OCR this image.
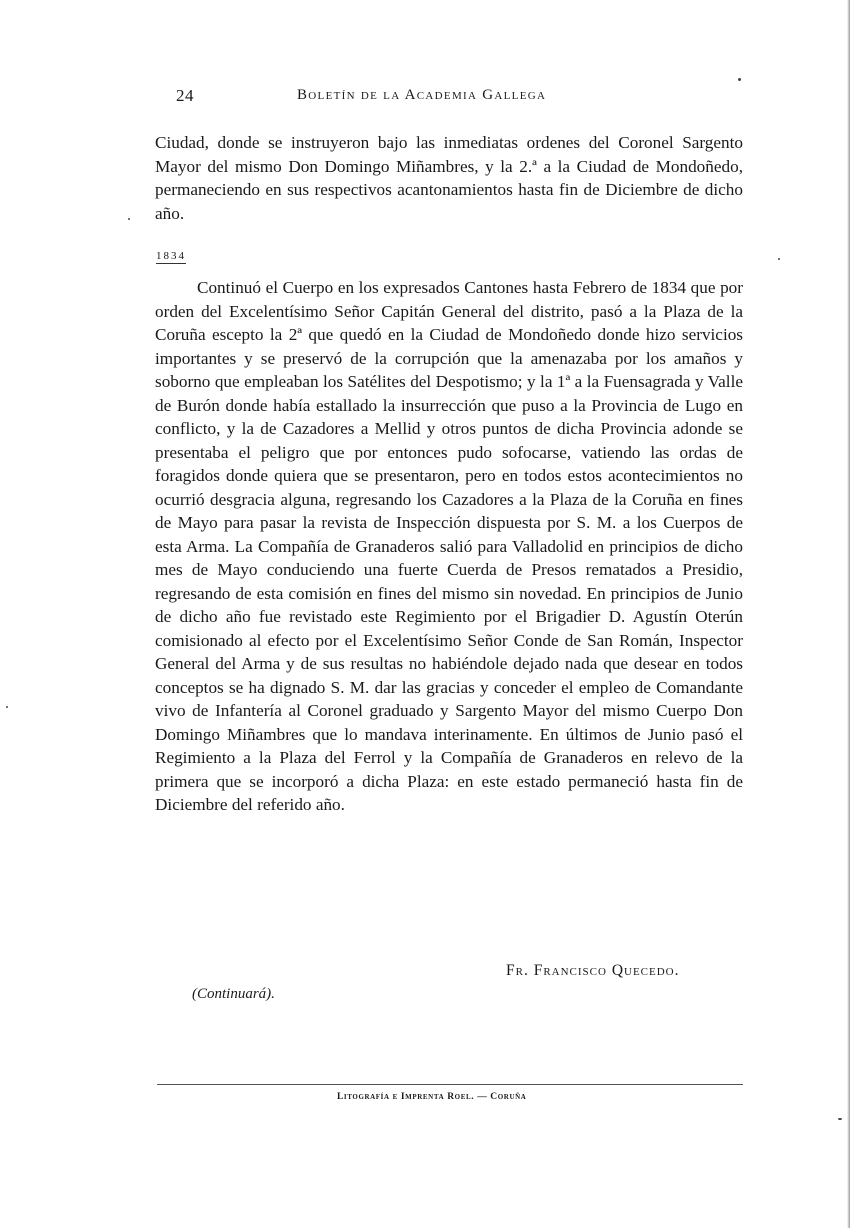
24	Boletín de la Academia Gallega

Ciudad, donde se instruyeron bajo las inmediatas ordenes del Coronel Sargento Mayor del mismo Don Domingo Miñambres, y la 2.ª a la Ciudad de Mondoñedo, permaneciendo en sus respectivos acantonamientos hasta fin de Diciembre de dicho año.

1834

Continuó el Cuerpo en los expresados Cantones hasta Febrero de 1834 que por orden del Excelentísimo Señor Capitán General del distrito, pasó a la Plaza de la Coruña escepto la 2ª que quedó en la Ciudad de Mondoñedo donde hizo servicios importantes y se preservó de la corrupción que la amenazaba por los amaños y soborno que empleaban los Satélites del Despotismo; y la 1ª a la Fuensagrada y Valle de Burón donde había estallado la insurrección que puso a la Provincia de Lugo en conflicto, y la de Cazadores a Mellid y otros puntos de dicha Provincia adonde se presentaba el peligro que por entonces pudo sofocarse, vatiendo las ordas de foragidos donde quiera que se presentaron, pero en todos estos acontecimientos no ocurrió desgracia alguna, regresando los Cazadores a la Plaza de la Coruña en fines de Mayo para pasar la revista de Inspección dispuesta por S. M. a los Cuerpos de esta Arma. La Compañía de Granaderos salió para Valladolid en principios de dicho mes de Mayo conduciendo una fuerte Cuerda de Presos rematados a Presidio, regresando de esta comisión en fines del mismo sin novedad. En principios de Junio de dicho año fue revistado este Regimiento por el Brigadier D. Agustín Oterún comisionado al efecto por el Excelentísimo Señor Conde de San Román, Inspector General del Arma y de sus resultas no habiéndole dejado nada que desear en todos conceptos se ha dignado S. M. dar las gracias y conceder el empleo de Comandante vivo de Infantería al Coronel graduado y Sargento Mayor del mismo Cuerpo Don Domingo Miñambres que lo mandava interinamente. En últimos de Junio pasó el Regimiento a la Plaza del Ferrol y la Compañía de Granaderos en relevo de la primera que se incorporó a dicha Plaza: en este estado permaneció hasta fin de Diciembre del referido año.

Fr. Francisco Quecedo.
(Continuará).
Litografía e Imprenta Roel. — Coruña
